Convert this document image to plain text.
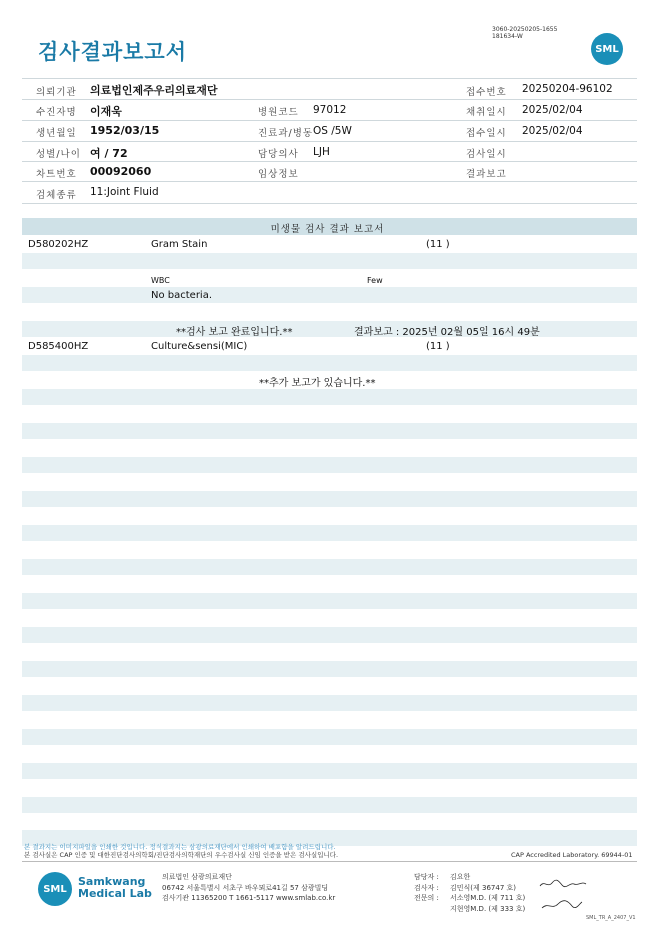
검사결과보고서
3060-20250205-1655
181634-W
SML
의뢰기관 의료법인제주우리의료재단	접수번호 20250204-96102
수진자명 이재욱	병원코드 97012	채취일시 2025/02/04
생년월일 1952/03/15	진료과/병동 OS /5W	접수일시 2025/02/04
성별/나이 여 / 72	담당의사 LJH	검사일시
차트번호 00092060	임상정보	결과보고
검체종류 11:Joint Fluid
미생물 검사 결과 보고서
D580202HZ	Gram Stain	(11 )
WBC	Few
No bacteria.
**검사 보고 완료입니다.**	결과보고 : 2025년 02월 05일 16시 49분
D585400HZ	Culture&sensi(MIC)	(11 )
**추가 보고가 있습니다.**
본 결과지는 이미지파일을 인쇄한 것입니다. 정식결과지는 삼광의료재단에서 인쇄하여 배포함을 알려드립니다.
본 검사실은 CAP 인증 및 대한진단검사의학회/진단검사의학재단의 우수검사실 신임 인증을 받은 검사실입니다.	CAP Accredited Laboratory. 69944-01
SML
Samkwang
Medical Lab
의료법인 삼광의료재단
06742 서울특별시 서초구 바우뫼로41길 57 삼광빌딩
검사기관 11365200 T 1661-5117 www.smlab.co.kr
담당자 : 김요한
검사자 : 김민식(제 36747 호)
전문의 : 서소영M.D. (제 711 호)
지현영M.D. (제 333 호)
SML_TR_A_2407_V1
